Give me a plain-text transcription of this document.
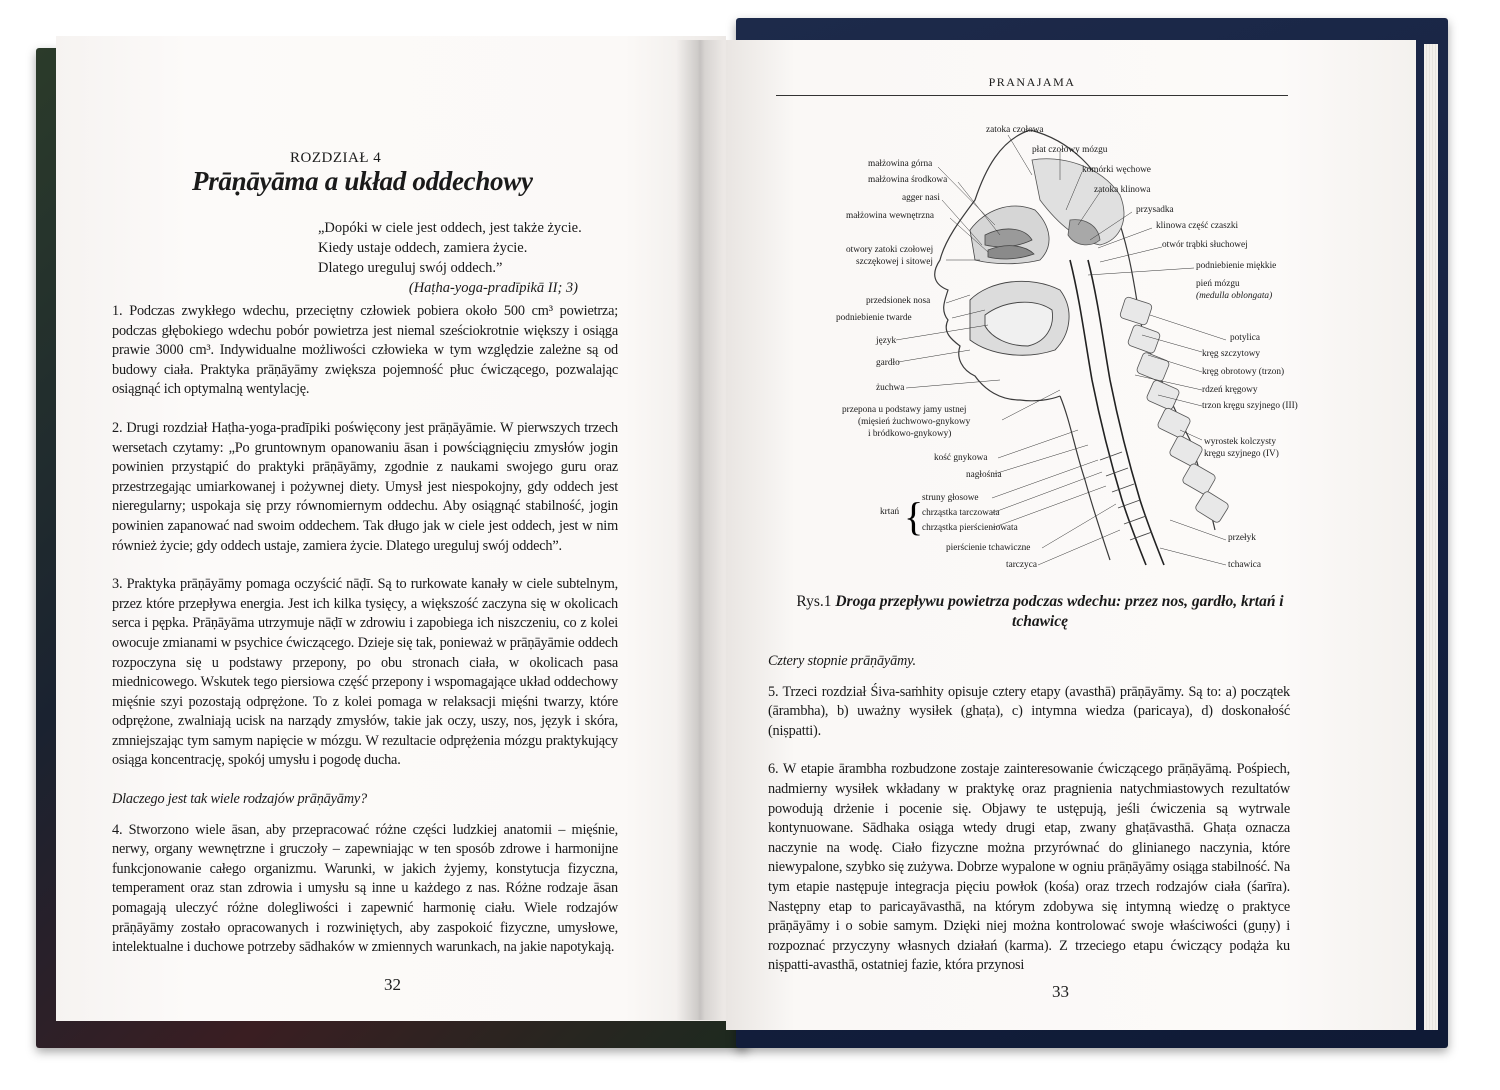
ROZDZIAŁ 4
Prāṇāyāma a układ oddechowy
„Dopóki w ciele jest oddech, jest także życie.
Kiedy ustaje oddech, zamiera życie.
Dlatego ureguluj swój oddech.”
(Haṭha-yoga-pradīpikā II; 3)

1. Podczas zwykłego wdechu, przeciętny człowiek pobiera około 500 cm³ powietrza; podczas głębokiego wdechu pobór powietrza jest niemal sześciokrotnie większy i osiąga prawie 3000 cm³. Indywidualne możliwości człowieka w tym względzie zależne są od budowy ciała. Praktyka prāṇāyāmy zwiększa pojemność płuc ćwiczącego, pozwalając osiągnąć ich optymalną wentylację.

2. Drugi rozdział Haṭha-yoga-pradīpiki poświęcony jest prāṇāyāmie. W pierwszych trzech wersetach czytamy: „Po gruntownym opanowaniu āsan i powściągnięciu zmysłów jogin powinien przystąpić do praktyki prāṇāyāmy, zgodnie z naukami swojego guru oraz przestrzegając umiarkowanej i pożywnej diety. Umysł jest niespokojny, gdy oddech jest nieregularny; uspokaja się przy równomiernym oddechu. Aby osiągnąć stabilność, jogin powinien zapanować nad swoim oddechem. Tak długo jak w ciele jest oddech, jest w nim również życie; gdy oddech ustaje, zamiera życie. Dlatego ureguluj swój oddech”.

3. Praktyka prāṇāyāmy pomaga oczyścić nāḍī. Są to rurkowate kanały w ciele subtelnym, przez które przepływa energia. Jest ich kilka tysięcy, a większość zaczyna się w okolicach serca i pępka. Prāṇāyāma utrzymuje nāḍī w zdrowiu i zapobiega ich niszczeniu, co z kolei owocuje zmianami w psychice ćwiczącego. Dzieje się tak, ponieważ w prāṇāyāmie oddech rozpoczyna się u podstawy przepony, po obu stronach ciała, w okolicach pasa miednicowego. Wskutek tego piersiowa część przepony i wspomagające układ oddechowy mięśnie szyi pozostają odprężone. To z kolei pomaga w relaksacji mięśni twarzy, które odprężone, zwalniają ucisk na narządy zmysłów, takie jak oczy, uszy, nos, język i skóra, zmniejszając tym samym napięcie w mózgu. W rezultacie odprężenia mózgu praktykujący osiąga koncentrację, spokój umysłu i pogodę ducha.

Dlaczego jest tak wiele rodzajów prāṇāyāmy?

4. Stworzono wiele āsan, aby przepracować różne części ludzkiej anatomii – mięśnie, nerwy, organy wewnętrzne i gruczoły – zapewniając w ten sposób zdrowe i harmonijne funkcjonowanie całego organizmu. Warunki, w jakich żyjemy, konstytucja fizyczna, temperament oraz stan zdrowia i umysłu są inne u każdego z nas. Różne rodzaje āsan pomagają uleczyć różne dolegliwości i zapewnić harmonię ciału. Wiele rodzajów prāṇāyāmy zostało opracowanych i rozwiniętych, aby zaspokoić fizyczne, umysłowe, intelektualne i duchowe potrzeby sādhaków w zmiennych warunkach, na jakie napotykają.

32
PRANAJAMA
zatoka czołowa
płat czołowy mózgu
małżowina górna
małżowina środkowa
komórki węchowe
agger nasi
zatoka klinowa
małżowina wewnętrzna
przysadka
klinowa część czaszki
otwory zatoki czołowej
szczękowej i sitowej
otwór trąbki słuchowej
podniebienie miękkie
pień mózgu
(medulla oblongata)
przedsionek nosa
podniebienie twarde
potylica
język
kręg szczytowy
gardło
kręg obrotowy (trzon)
żuchwa	rdzeń kręgowy
przepona u podstawy jamy ustnej
(mięsień żuchwowo-gnykowy
i bródkowo-gnykowy)
trzon kręgu szyjnego (III)
wyrostek kolczysty
kręgu szyjnego (IV)
kość gnykowa
nagłośnia
krtań {
struny głosowe
chrząstka tarczowata
chrząstka pierścieniowata
pierścienie tchawiczne
przełyk
tarczyca	tchawica
Rys.1 Droga przepływu powietrza podczas wdechu: przez nos, gardło, krtań i tchawicę

Cztery stopnie prāṇāyāmy.

5. Trzeci rozdział Śiva-saṁhity opisuje cztery etapy (avasthā) prāṇāyāmy. Są to: a) początek (ārambha), b) uważny wysiłek (ghaṭa), c) intymna wiedza (paricaya), d) doskonałość (niṣpatti).

6. W etapie ārambha rozbudzone zostaje zainteresowanie ćwiczącego prāṇāyāmą. Pośpiech, nadmierny wysiłek wkładany w praktykę oraz pragnienia natychmiastowych rezultatów powodują drżenie i pocenie się. Objawy te ustępują, jeśli ćwiczenia są wytrwale kontynuowane. Sādhaka osiąga wtedy drugi etap, zwany ghaṭāvasthā. Ghaṭa oznacza naczynie na wodę. Ciało fizyczne można przyrównać do glinianego naczynia, które niewypalone, szybko się zużywa. Dobrze wypalone w ogniu prāṇāyāmy osiąga stabilność. Na tym etapie następuje integracja pięciu powłok (kośa) oraz trzech rodzajów ciała (śarīra). Następny etap to paricayāvasthā, na którym zdobywa się intymną wiedzę o praktyce prāṇāyāmy i o sobie samym. Dzięki niej można kontrolować swoje właściwości (guṇy) i rozpoznać przyczyny własnych działań (karma). Z trzeciego etapu ćwiczący podąża ku niṣpatti-avasthā, ostatniej fazie, która przynosi

33
